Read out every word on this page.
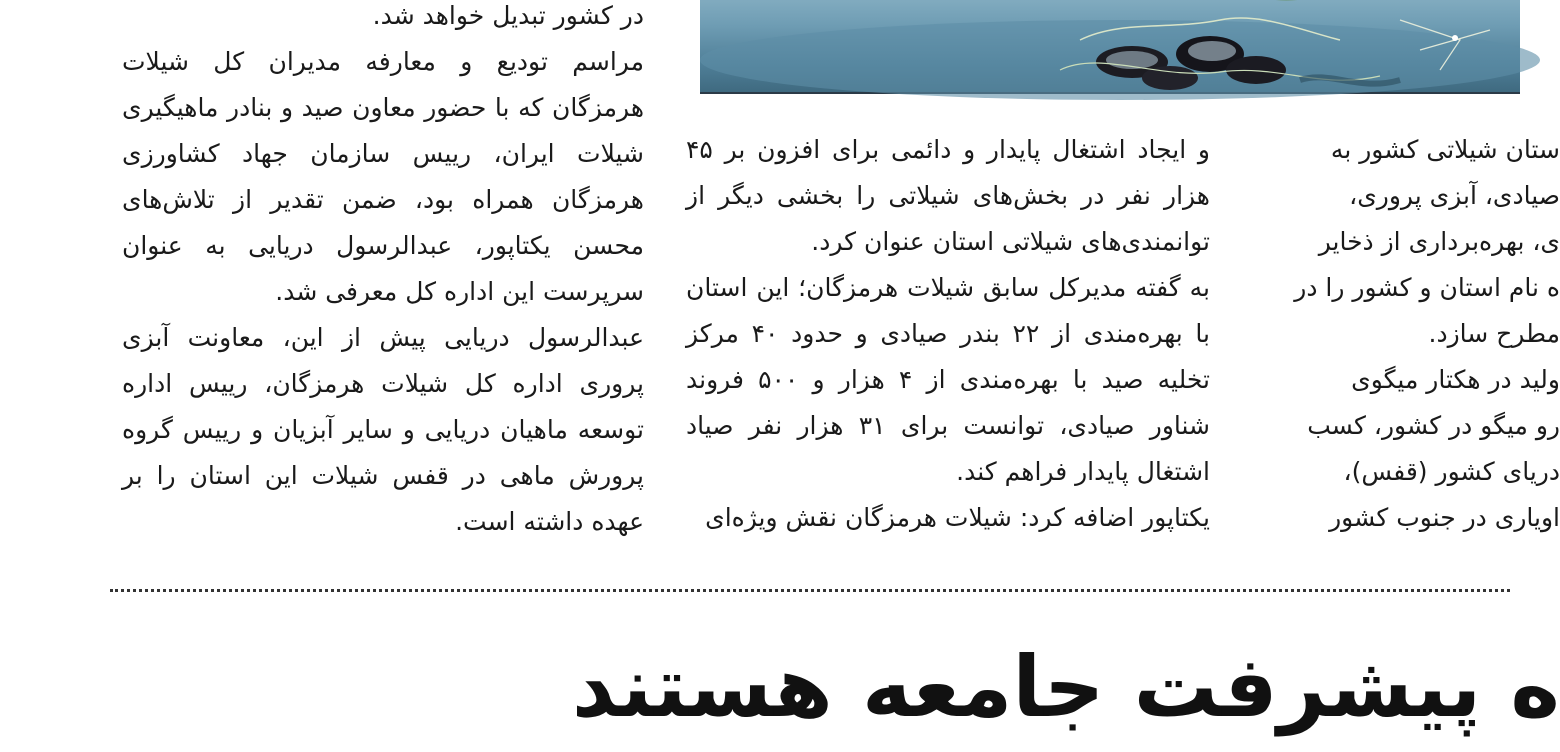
در کشور تبدیل خواهد شد.

مراسم تودیع و معارفه مدیران کل شیلات هرمزگان که با حضور معاون صید و بنادر ماهیگیری شیلات ایران، رییس سازمان جهاد کشاورزی هرمزگان همراه بود، ضمن تقدیر از تلاش‌های محسن یکتاپور، عبدالرسول دریایی به عنوان سرپرست این اداره کل معرفی شد.

عبدالرسول دریایی پیش از این، معاونت آبزی پروری اداره کل شیلات هرمزگان، رییس اداره توسعه ماهیان دریایی و سایر آبزیان و رییس گروه پرورش ماهی در قفس شیلات این استان را بر عهده داشته است.

و ایجاد اشتغال پایدار و دائمی برای افزون بر ۴۵ هزار نفر در بخش‌های شیلاتی را بخشی دیگر از توانمندی‌های شیلاتی استان عنوان کرد.

به گفته مدیرکل سابق شیلات هرمزگان؛ این استان با بهره‌مندی از ۲۲ بندر صیادی و حدود ۴۰ مرکز تخلیه صید با بهره‌مندی از ۴ هزار و ۵۰۰ فروند شناور صیادی، توانست برای ۳۱ هزار نفر صیاد اشتغال پایدار فراهم کند.

یکتاپور اضافه کرد: شیلات هرمزگان نقش ویژه‌ای

ستان شیلاتی کشور به
صیادی، آبزی پروری،
ی، بهره‌برداری از ذخایر
ه نام استان و کشور را در
مطرح سازد.
ولید در هکتار میگوی
رو میگو در کشور، کسب
دریای کشور (قفس)،
اویاری در جنوب کشور
ه پیشرفت جامعه هستند
